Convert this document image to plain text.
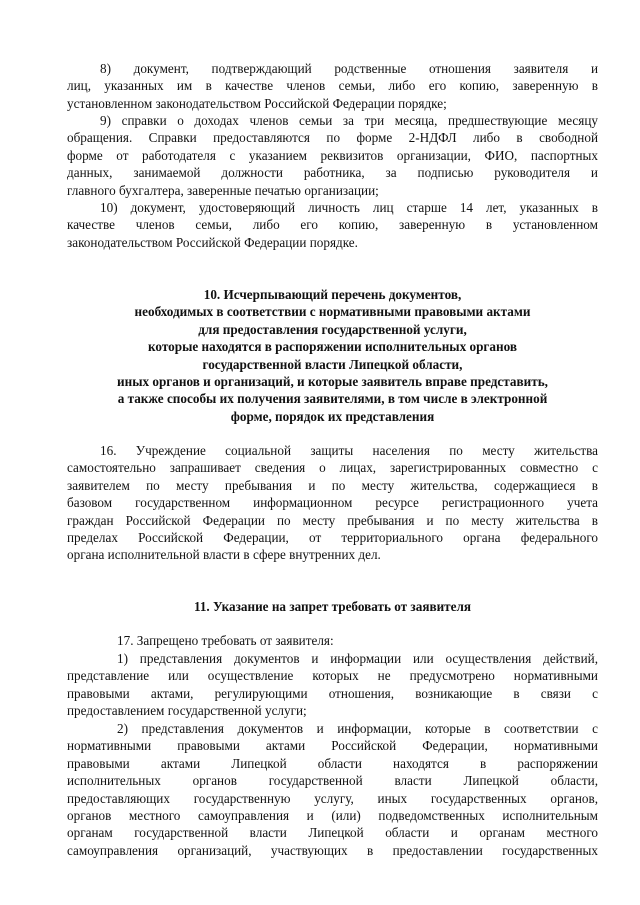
8) документ, подтверждающий родственные отношения заявителя и
лиц, указанных им в качестве членов семьи, либо его копию, заверенную в
установленном законодательством Российской Федерации порядке;
9) справки о доходах членов семьи за три месяца, предшествующие месяцу
обращения. Справки предоставляются по форме 2-НДФЛ либо в свободной
форме от работодателя с указанием реквизитов организации, ФИО, паспортных
данных, занимаемой должности работника, за подписью руководителя и
главного бухгалтера, заверенные печатью организации;
10) документ, удостоверяющий личность лиц старше 14 лет, указанных в
качестве членов семьи, либо его копию, заверенную в установленном
законодательством Российской Федерации порядке.
10. Исчерпывающий перечень документов,
необходимых в соответствии с нормативными правовыми актами
для предоставления государственной услуги,
которые находятся в распоряжении исполнительных органов
государственной власти Липецкой области,
иных органов и организаций, и которые заявитель вправе представить,
а также способы их получения заявителями, в том числе в электронной
форме, порядок их представления
16. Учреждение социальной защиты населения по месту жительства
самостоятельно запрашивает сведения о лицах, зарегистрированных совместно с
заявителем по месту пребывания и по месту жительства, содержащиеся в
базовом государственном информационном ресурсе регистрационного учета
граждан Российской Федерации по месту пребывания и по месту жительства в
пределах Российской Федерации, от территориального органа федерального
органа исполнительной власти в сфере внутренних дел.
11. Указание на запрет требовать от заявителя
17. Запрещено требовать от заявителя:
1) представления документов и информации или осуществления действий,
представление или осуществление которых не предусмотрено нормативными
правовыми актами, регулирующими отношения, возникающие в связи с
предоставлением государственной услуги;
2) представления документов и информации, которые в соответствии с
нормативными правовыми актами Российской Федерации, нормативными
правовыми актами Липецкой области находятся в распоряжении
исполнительных органов государственной власти Липецкой области,
предоставляющих государственную услугу, иных государственных органов,
органов местного самоуправления и (или) подведомственных исполнительным
органам государственной власти Липецкой области и органам местного
самоуправления организаций, участвующих в предоставлении государственных
